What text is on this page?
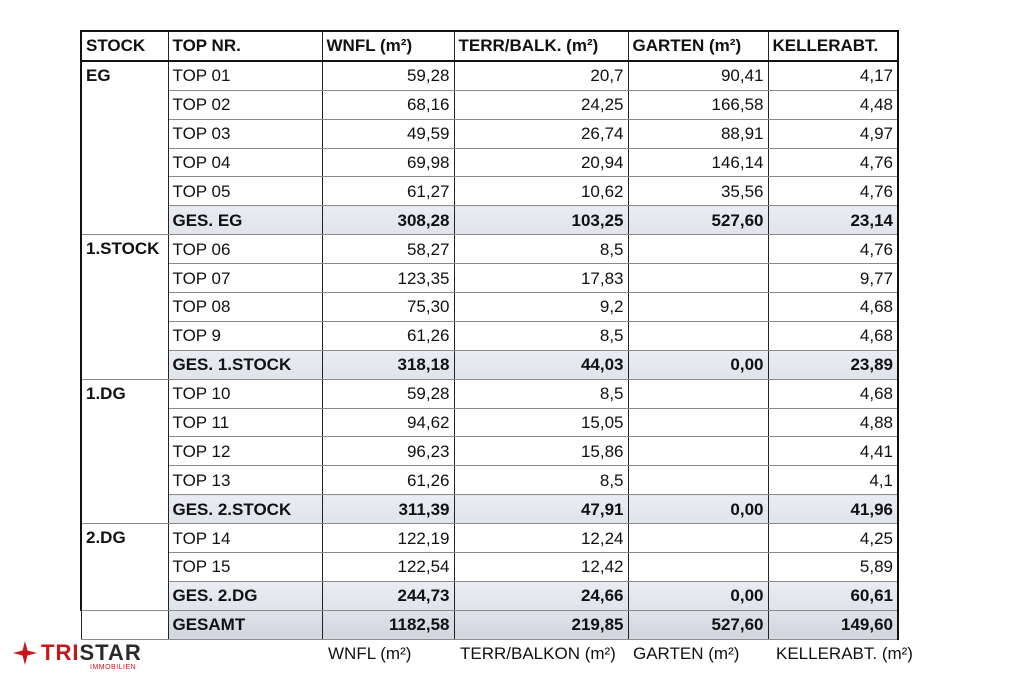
STOCK	TOP NR.	WNFL (m²)	TERR/BALK. (m²)	GARTEN (m²)	KELLERABT.
EG	TOP 01	59,28	20,7	90,41	4,17
	TOP 02	68,16	24,25	166,58	4,48
	TOP 03	49,59	26,74	88,91	4,97
	TOP 04	69,98	20,94	146,14	4,76
	TOP 05	61,27	10,62	35,56	4,76
	GES. EG	308,28	103,25	527,60	23,14
1.STOCK	TOP 06	58,27	8,5		4,76
	TOP 07	123,35	17,83		9,77
	TOP 08	75,30	9,2		4,68
	TOP 9	61,26	8,5		4,68
	GES. 1.STOCK	318,18	44,03	0,00	23,89
1.DG	TOP 10	59,28	8,5		4,68
	TOP 11	94,62	15,05		4,88
	TOP 12	96,23	15,86		4,41
	TOP 13	61,26	8,5		4,1
	GES. 2.STOCK	311,39	47,91	0,00	41,96
2.DG	TOP 14	122,19	12,24		4,25
	TOP 15	122,54	12,42		5,89
	GES. 2.DG	244,73	24,66	0,00	60,61
	GESAMT	1182,58	219,85	527,60	149,60
WNFL (m²)	TERR/BALKON (m²) GARTEN (m²) KELLERABT. (m²)
TRISTAR
IMMOBILIEN
